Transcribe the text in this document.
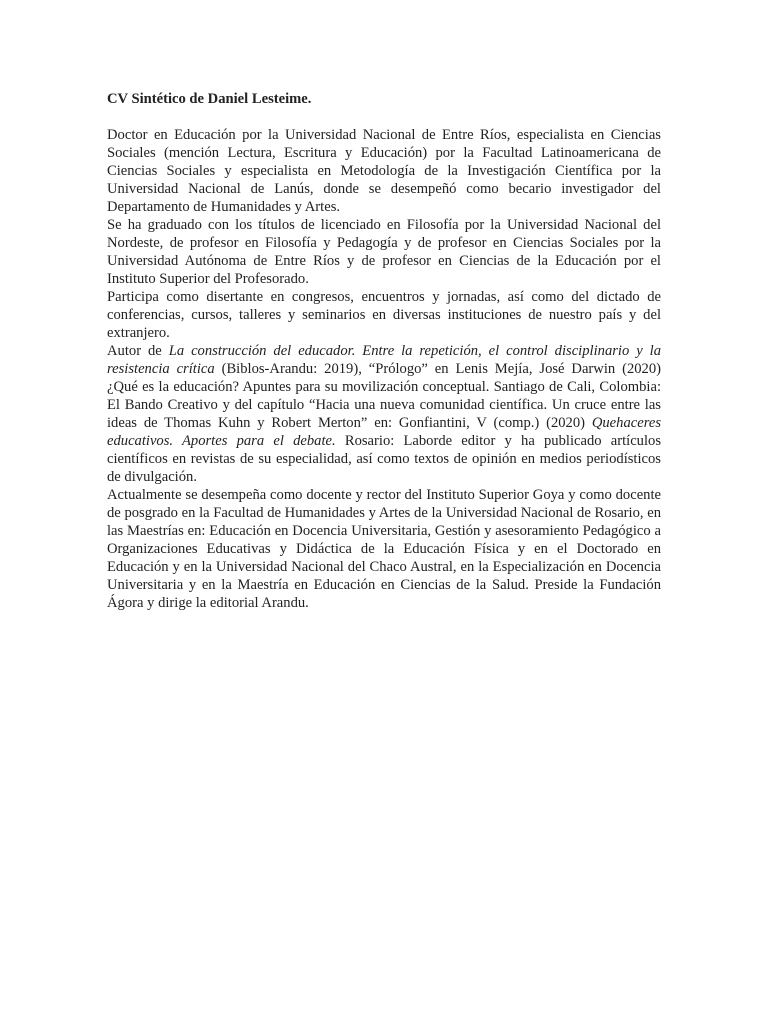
CV Sintético de Daniel Lesteime.

Doctor en Educación por la Universidad Nacional de Entre Ríos, especialista en Ciencias Sociales (mención Lectura, Escritura y Educación) por la Facultad Latinoamericana de Ciencias Sociales y especialista en Metodología de la Investigación Científica por la Universidad Nacional de Lanús, donde se desempeñó como becario investigador del Departamento de Humanidades y Artes.

Se ha graduado con los títulos de licenciado en Filosofía por la Universidad Nacional del Nordeste, de profesor en Filosofía y Pedagogía y de profesor en Ciencias Sociales por la Universidad Autónoma de Entre Ríos y de profesor en Ciencias de la Educación por el Instituto Superior del Profesorado.

Participa como disertante en congresos, encuentros y jornadas, así como del dictado de conferencias, cursos, talleres y seminarios en diversas instituciones de nuestro país y del extranjero.

Autor de La construcción del educador. Entre la repetición, el control disciplinario y la resistencia crítica (Biblos-Arandu: 2019), “Prólogo” en Lenis Mejía, José Darwin (2020) ¿Qué es la educación? Apuntes para su movilización conceptual. Santiago de Cali, Colombia: El Bando Creativo y del capítulo “Hacia una nueva comunidad científica. Un cruce entre las ideas de Thomas Kuhn y Robert Merton” en: Gonfiantini, V (comp.) (2020) Quehaceres educativos. Aportes para el debate. Rosario: Laborde editor y ha publicado artículos científicos en revistas de su especialidad, así como textos de opinión en medios periodísticos de divulgación.

Actualmente se desempeña como docente y rector del Instituto Superior Goya y como docente de posgrado en la Facultad de Humanidades y Artes de la Universidad Nacional de Rosario, en las Maestrías en: Educación en Docencia Universitaria, Gestión y asesoramiento Pedagógico a Organizaciones Educativas y Didáctica de la Educación Física y en el Doctorado en Educación y en la Universidad Nacional del Chaco Austral, en la Especialización en Docencia Universitaria y en la Maestría en Educación en Ciencias de la Salud. Preside la Fundación Ágora y dirige la editorial Arandu.
